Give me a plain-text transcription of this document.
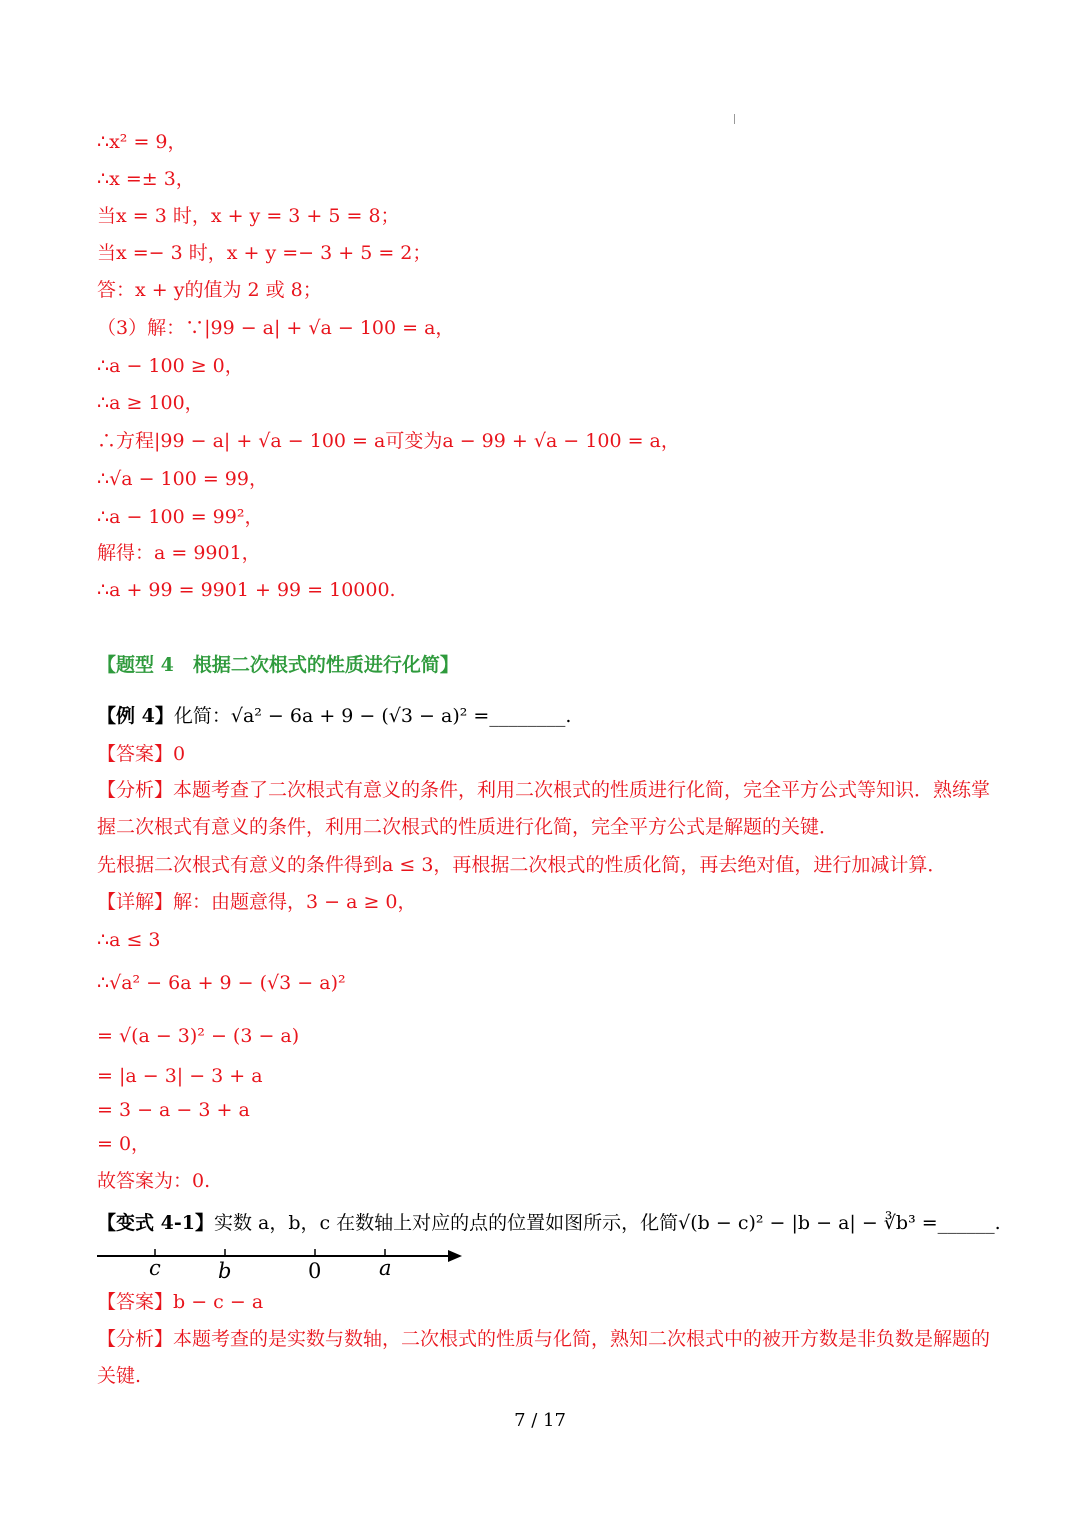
∴x² = 9，
∴x =± 3，
当x = 3 时，x + y = 3 + 5 = 8；
当x =− 3 时，x + y =− 3 + 5 = 2；
答：x + y的值为 2 或 8；
（3）解：∵|99 − a| + √a − 100 = a，
∴a − 100 ≥ 0，
∴a ≥ 100，
∴方程|99 − a| + √a − 100 = a可变为a − 99 + √a − 100 = a，
∴√a − 100 = 99，
∴a − 100 = 99²，
解得：a = 9901，
∴a + 99 = 9901 + 99 = 10000.
【题型 4　根据二次根式的性质进行化简】
【例 4】化简：√a² − 6a + 9 − (√3 − a)² =________.
【答案】0
【分析】本题考查了二次根式有意义的条件，利用二次根式的性质进行化简，完全平方公式等知识．熟练掌
握二次根式有意义的条件，利用二次根式的性质进行化简，完全平方公式是解题的关键．
先根据二次根式有意义的条件得到a ≤ 3，再根据二次根式的性质化简，再去绝对值，进行加减计算．
【详解】解：由题意得，3 − a ≥ 0，
∴a ≤ 3
∴√a² − 6a + 9 − (√3 − a)²
= √(a − 3)² − (3 − a)
= |a − 3| − 3 + a
= 3 − a − 3 + a
= 0，
故答案为：0.
【变式 4-1】实数 a，b，c 在数轴上对应的点的位置如图所示，化简√(b − c)² − |b − a| − ∛b³ =______.
c	b	0	a
【答案】b − c − a
【分析】本题考查的是实数与数轴，二次根式的性质与化简，熟知二次根式中的被开方数是非负数是解题的
关键.
7 / 17
